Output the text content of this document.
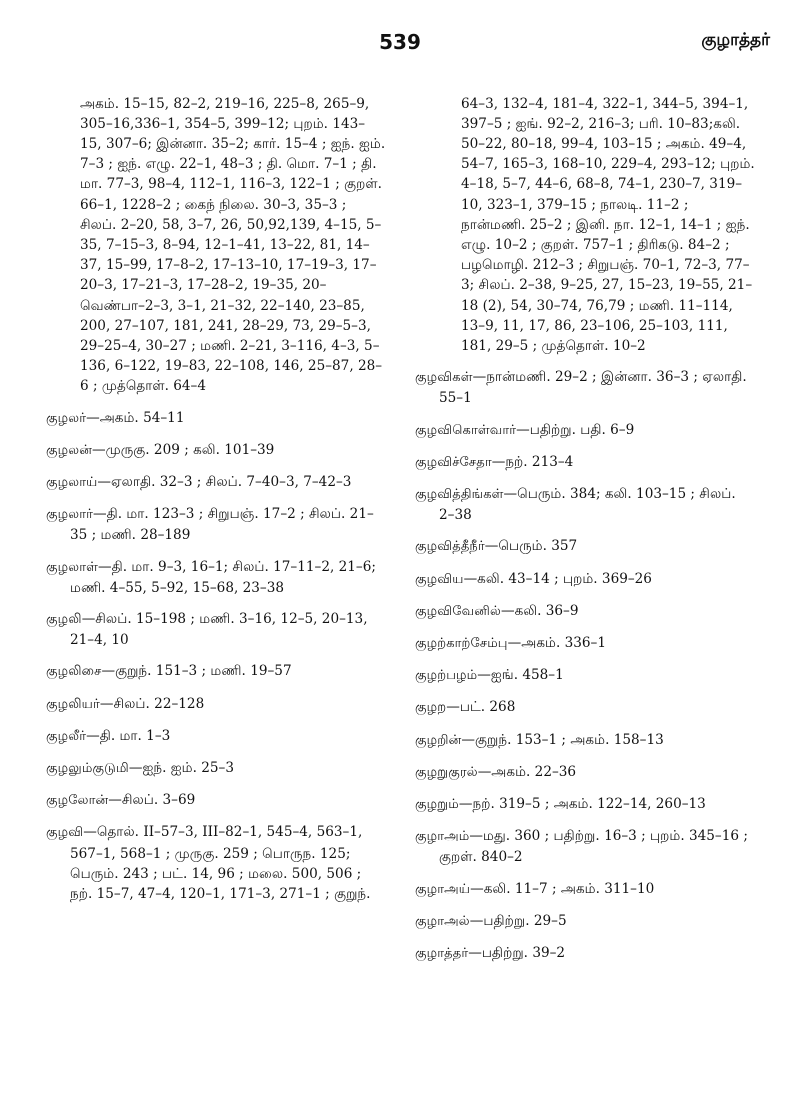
539	குழாத்தர்

அகம். 15–15, 82–2, 219–16, 225–8, 265–9, 305–16,336–1, 354–5, 399–12; புறம். 143–15, 307–6; இன்னா. 35–2; கார். 15–4 ; ஐந். ஐம். 7–3 ; ஐந். எழு. 22–1, 48–3 ; தி. மொ. 7–1 ; தி. மா. 77–3, 98–4, 112–1, 116–3, 122–1 ; குறள். 66–1, 1228–2 ; கைந் நிலை. 30–3, 35–3 ; சிலப். 2–20, 58, 3–7, 26, 50,92,139, 4–15, 5–35, 7–15–3, 8–94, 12–1–41, 13–22, 81, 14–37, 15–99, 17–8–2, 17–13–10, 17–19–3, 17–20–3, 17–21–3, 17–28–2, 19–35, 20–வெண்பா–2–3, 3–1, 21–32, 22–140, 23–85, 200, 27–107, 181, 241, 28–29, 73, 29–5–3, 29–25–4, 30–27 ; மணி. 2–21, 3–116, 4–3, 5–136, 6–122, 19–83, 22–108, 146, 25–87, 28–6 ; முத்தொள். 64–4

குழலர்—அகம். 54–11

குழலன்—முருகு. 209 ; கலி. 101–39

குழலாய்—ஏலாதி. 32–3 ; சிலப். 7–40–3, 7–42–3

குழலார்—தி. மா. 123–3 ; சிறுபஞ். 17–2 ; சிலப். 21–35 ; மணி. 28–189

குழலாள்—தி. மா. 9–3, 16–1; சிலப். 17–11–2, 21–6; மணி. 4–55, 5–92, 15–68, 23–38

குழலி—சிலப். 15–198 ; மணி. 3–16, 12–5, 20–13, 21–4, 10

குழலிசை—குறுந். 151–3 ; மணி. 19–57

குழலியர்—சிலப். 22–128

குழலீர்—தி. மா. 1–3

குழலும்குடுமி—ஐந். ஐம். 25–3

குழலோன்—சிலப். 3–69

குழவி—தொல். II–57–3, III–82–1, 545–4, 563–1, 567–1, 568–1 ; முருகு. 259 ; பொருந. 125; பெரும். 243 ; பட். 14, 96 ; மலை. 500, 506 ; நற். 15–7, 47–4, 120–1, 171–3, 271–1 ; குறுந்.

64–3, 132–4, 181–4, 322–1, 344–5, 394–1, 397–5 ; ஐங். 92–2, 216–3; பரி. 10–83;கலி. 50–22, 80–18, 99–4, 103–15 ; அகம். 49–4, 54–7, 165–3, 168–10, 229–4, 293–12; புறம். 4–18, 5–7, 44–6, 68–8, 74–1, 230–7, 319–10, 323–1, 379–15 ; நாலடி. 11–2 ; நான்மணி. 25–2 ; இனி. நா. 12–1, 14–1 ; ஐந். எழு. 10–2 ; குறள். 757–1 ; திரிகடு. 84–2 ; பழமொழி. 212–3 ; சிறுபஞ். 70–1, 72–3, 77–3; சிலப். 2–38, 9–25, 27, 15–23, 19–55, 21–18 (2), 54, 30–74, 76,79 ; மணி. 11–114, 13–9, 11, 17, 86, 23–106, 25–103, 111, 181, 29–5 ; முத்தொள். 10–2

குழவிகள்—நான்மணி. 29–2 ; இன்னா. 36–3 ; ஏலாதி. 55–1

குழவிகொள்வார்—பதிற்று. பதி. 6–9

குழவிச்சேதா—நற். 213–4

குழவித்திங்கள்—பெரும். 384; கலி. 103–15 ; சிலப். 2–38

குழவித்தீநீர்—பெரும். 357

குழவிய—கலி. 43–14 ; புறம். 369–26

குழவிவேனில்—கலி. 36–9

குழற்காற்சேம்பு—அகம். 336–1

குழற்பழம்—ஐங். 458–1

குழற—பட். 268

குழறின்—குறுந். 153–1 ; அகம். 158–13

குழறுகுரல்—அகம். 22–36

குழறும்—நற். 319–5 ; அகம். 122–14, 260–13

குழாஅம்—மது. 360 ; பதிற்று. 16–3 ; புறம். 345–16 ; குறள். 840–2

குழாஅய்—கலி. 11–7 ; அகம். 311–10

குழாஅல்—பதிற்று. 29–5

குழாத்தர்—பதிற்று. 39–2
